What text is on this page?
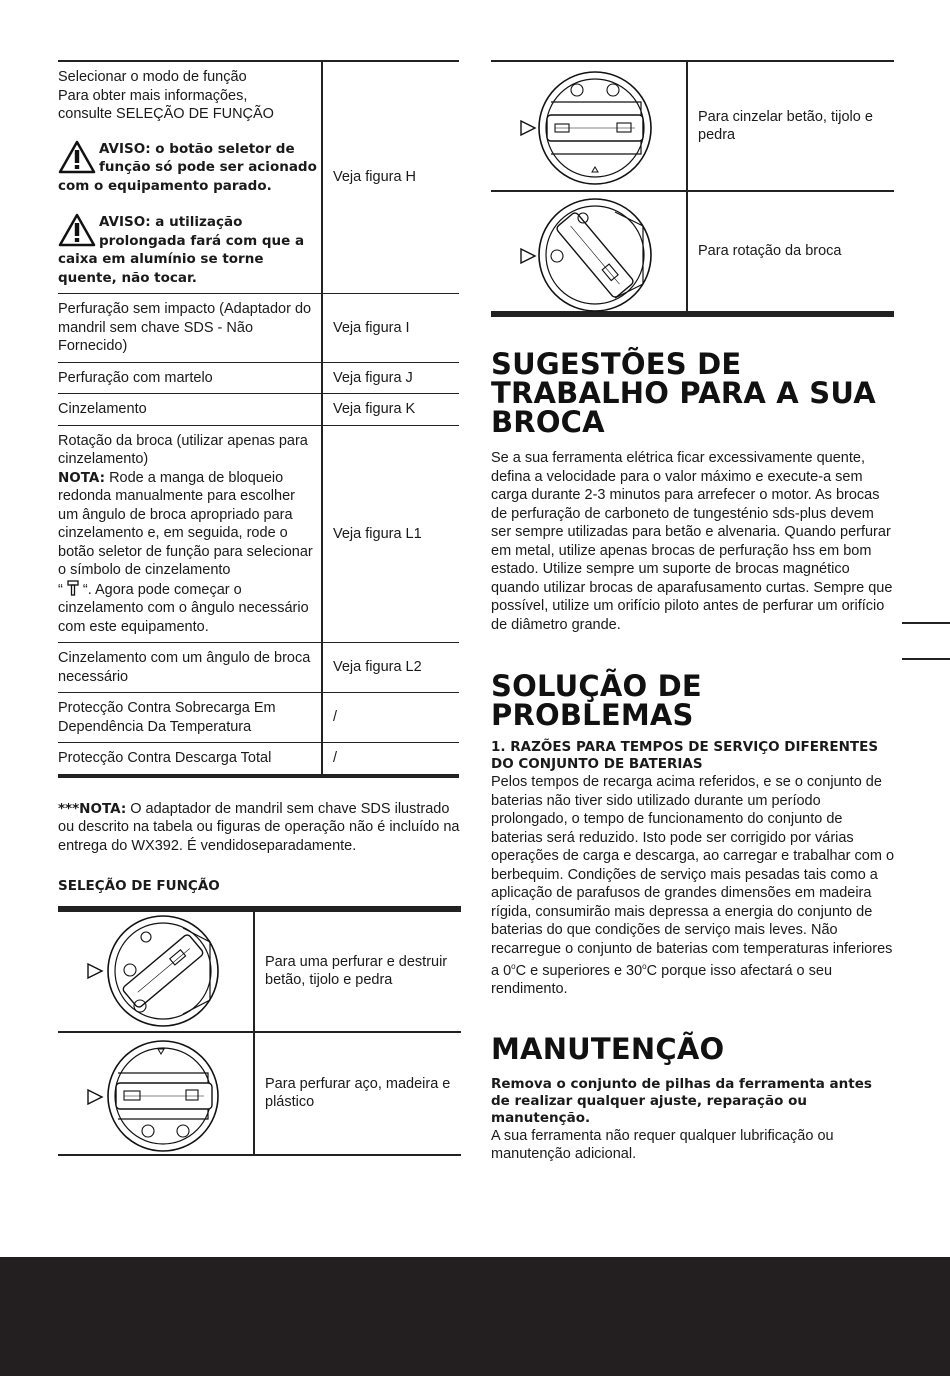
Selecionar o modo de função
Para obter mais informações,
consulte SELEÇÃO DE FUNÇÃO
AVISO: o botão seletor de função só pode ser acionado com o equipamento parado.
AVISO: a utilização prolongada fará com que a caixa em alumínio se torne quente, não tocar.	Veja figura H
Perfuração sem impacto (Adaptador do mandril sem chave SDS - Não Fornecido)	Veja figura I
Perfuração com martelo	Veja figura J
Cinzelamento	Veja figura K
Rotação da broca (utilizar apenas para cinzelamento)
NOTA: Rode a manga de bloqueio redonda manualmente para escolher um ângulo de broca apropriado para cinzelamento e, em seguida, rode o botão seletor de função para selecionar o símbolo de cinzelamento
“ “. Agora pode começar o cinzelamento com o ângulo necessário com este equipamento.	Veja figura L1
Cinzelamento com um ângulo de broca necessário	Veja figura L2
Protecção Contra Sobrecarga Em Dependência Da Temperatura	/
Protecção Contra Descarga Total	/
***NOTA: O adaptador de mandril sem chave SDS ilustrado ou descrito na tabela ou figuras de operação não é incluído na entrega do WX392. É vendidoseparadamente.
SELEÇÃO DE FUNÇÃO
	Para uma perfurar e destruir betão, tijolo e pedra

	Para perfurar aço, madeira e plástico
	Para cinzelar betão, tijolo e pedra

	Para rotação da broca
SUGESTÕES DE TRABALHO PARA A SUA BROCA

Se a sua ferramenta elétrica ficar excessivamente quente, defina a velocidade para o valor máximo e execute-a sem carga durante 2-3 minutos para arrefecer o motor. As brocas de perfuração de carboneto de tungesténio sds-plus devem ser sempre utilizadas para betão e alvenaria. Quando perfurar em metal, utilize apenas brocas de perfuração hss em bom estado. Utilize sempre um suporte de brocas magnético quando utilizar brocas de aparafusamento curtas. Sempre que possível, utilize um orifício piloto antes de perfurar um orifício de diâmetro grande.

SOLUÇÃO DE PROBLEMAS
1. RAZÕES PARA TEMPOS DE SERVIÇO DIFERENTES DO CONJUNTO DE BATERIAS

Pelos tempos de recarga acima referidos, e se o conjunto de baterias não tiver sido utilizado durante um período prolongado, o tempo de funcionamento do conjunto de baterias será reduzido. Isto pode ser corrigido por várias operações de carga e descarga, ao carregar e trabalhar com o berbequim. Condições de serviço mais pesadas tais como a aplicação de parafusos de grandes dimensões em madeira rígida, consumirão mais depressa a energia do conjunto de baterias do que condições de serviço mais leves. Não recarregue o conjunto de baterias com temperaturas inferiores a 0$^o$C e superiores e 30$^o$C porque isso afectará o seu rendimento.

MANUTENÇÃO
Remova o conjunto de pilhas da ferramenta antes de realizar qualquer ajuste, reparação ou manutenção.

A sua ferramenta não requer qualquer lubrificação ou manutenção adicional.
